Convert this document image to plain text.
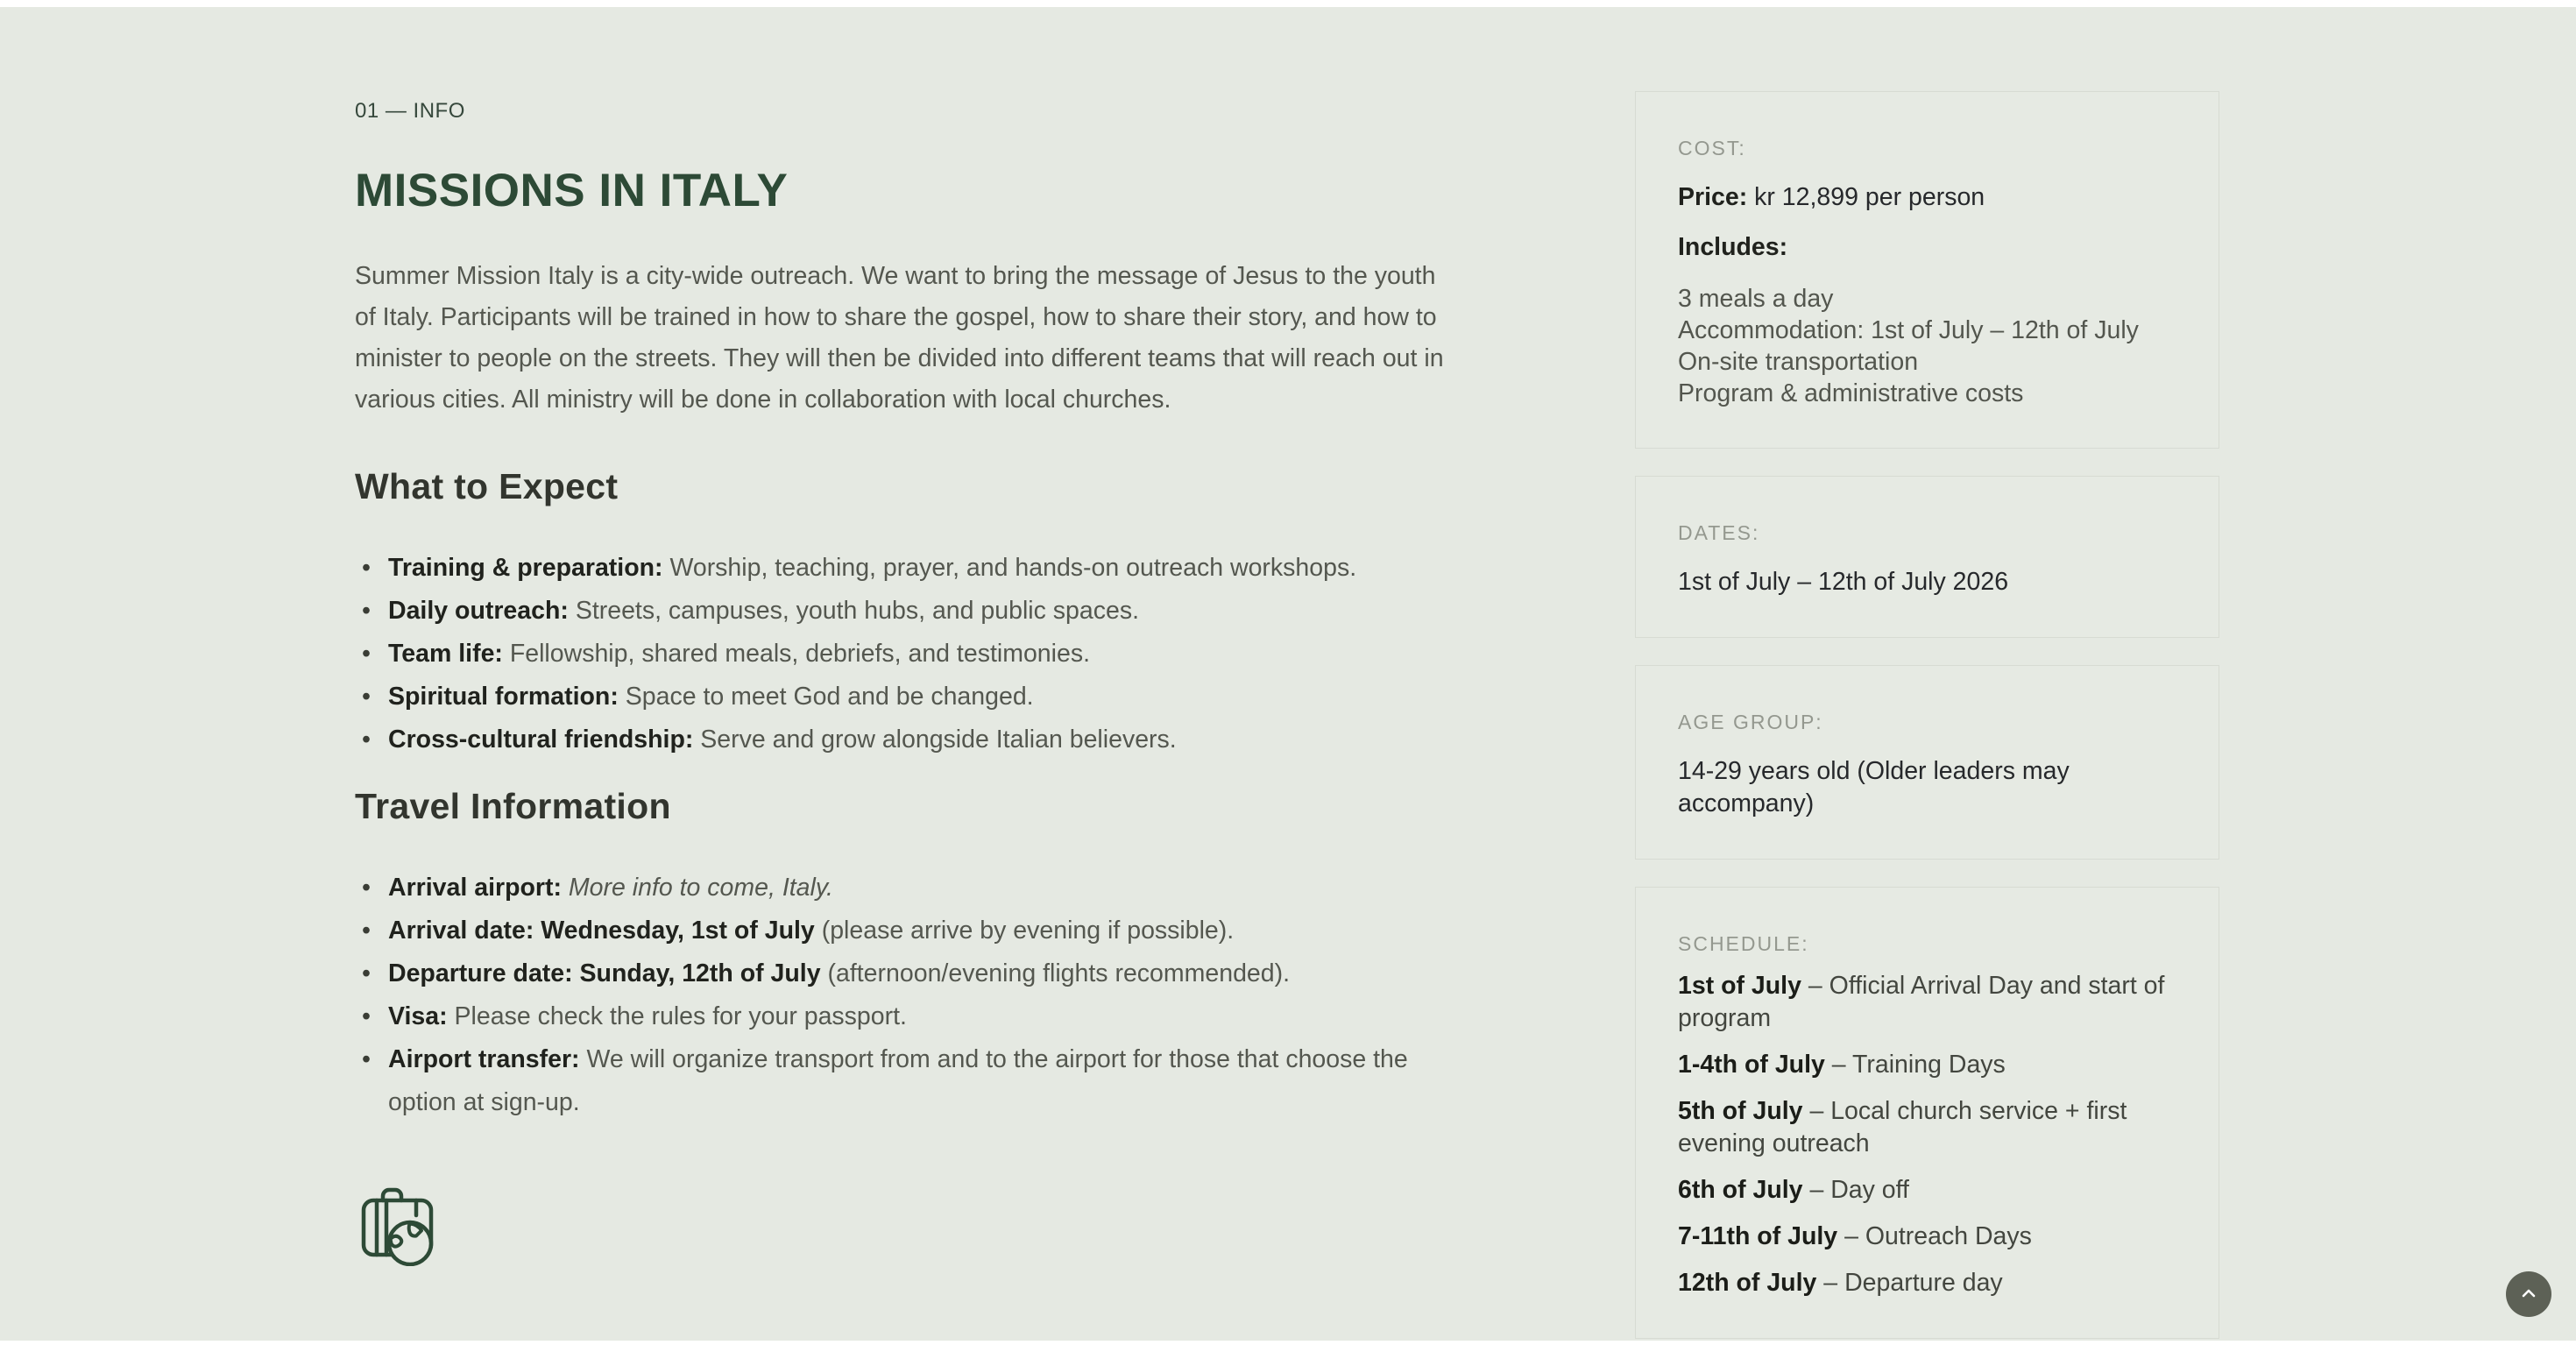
01 — INFO

MISSIONS IN ITALY

Summer Mission Italy is a city-wide outreach. We want to bring the message of Jesus to the youth of Italy. Participants will be trained in how to share the gospel, how to share their story, and how to minister to people on the streets. They will then be divided into different teams that will reach out in various cities. All ministry will be done in collaboration with local churches.

What to Expect
• Training & preparation: Worship, teaching, prayer, and hands-on outreach workshops.
• Daily outreach: Streets, campuses, youth hubs, and public spaces.
• Team life: Fellowship, shared meals, debriefs, and testimonies.
• Spiritual formation: Space to meet God and be changed.
• Cross-cultural friendship: Serve and grow alongside Italian believers.
Travel Information
• Arrival airport: More info to come, Italy.
• Arrival date: Wednesday, 1st of July (please arrive by evening if possible).
• Departure date: Sunday, 12th of July (afternoon/evening flights recommended).
• Visa: Please check the rules for your passport.
• Airport transfer: We will organize transport from and to the airport for those that choose the option at sign-up.

COST:

Price: kr 12,899 per person

Includes:

3 meals a day
Accommodation: 1st of July – 12th of July
On-site transportation
Program & administrative costs

DATES:

1st of July – 12th of July 2026

AGE GROUP:

14-29 years old (Older leaders may accompany)

SCHEDULE:

1st of July – Official Arrival Day and start of program

1-4th of July – Training Days

5th of July – Local church service + first evening outreach

6th of July – Day off

7-11th of July – Outreach Days

12th of July – Departure day
